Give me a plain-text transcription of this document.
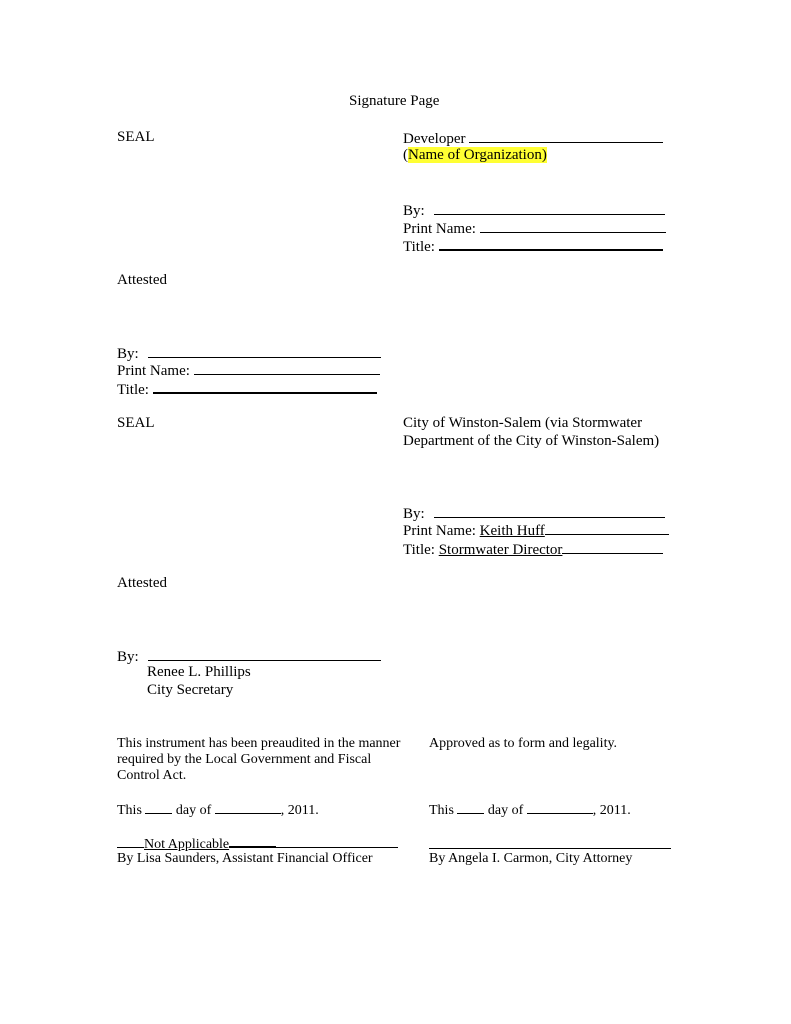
Signature Page
SEAL	Developer
(Name of Organization)
By:
Print Name:
Title:
Attested
By:
Print Name:
Title:
SEAL	City of Winston-Salem (via Stormwater
Department of the City of Winston-Salem)
By:
Print Name: Keith Huff
Title: Stormwater Director
Attested
By:
Renee L. Phillips
City Secretary
This instrument has been preaudited in the manner
required by the Local Government and Fiscal
Control Act.
This day of	, 2011.
Not Applicable
By Lisa Saunders, Assistant Financial Officer
Approved as to form and legality.
This day of	, 2011.
By Angela I. Carmon, City Attorney
